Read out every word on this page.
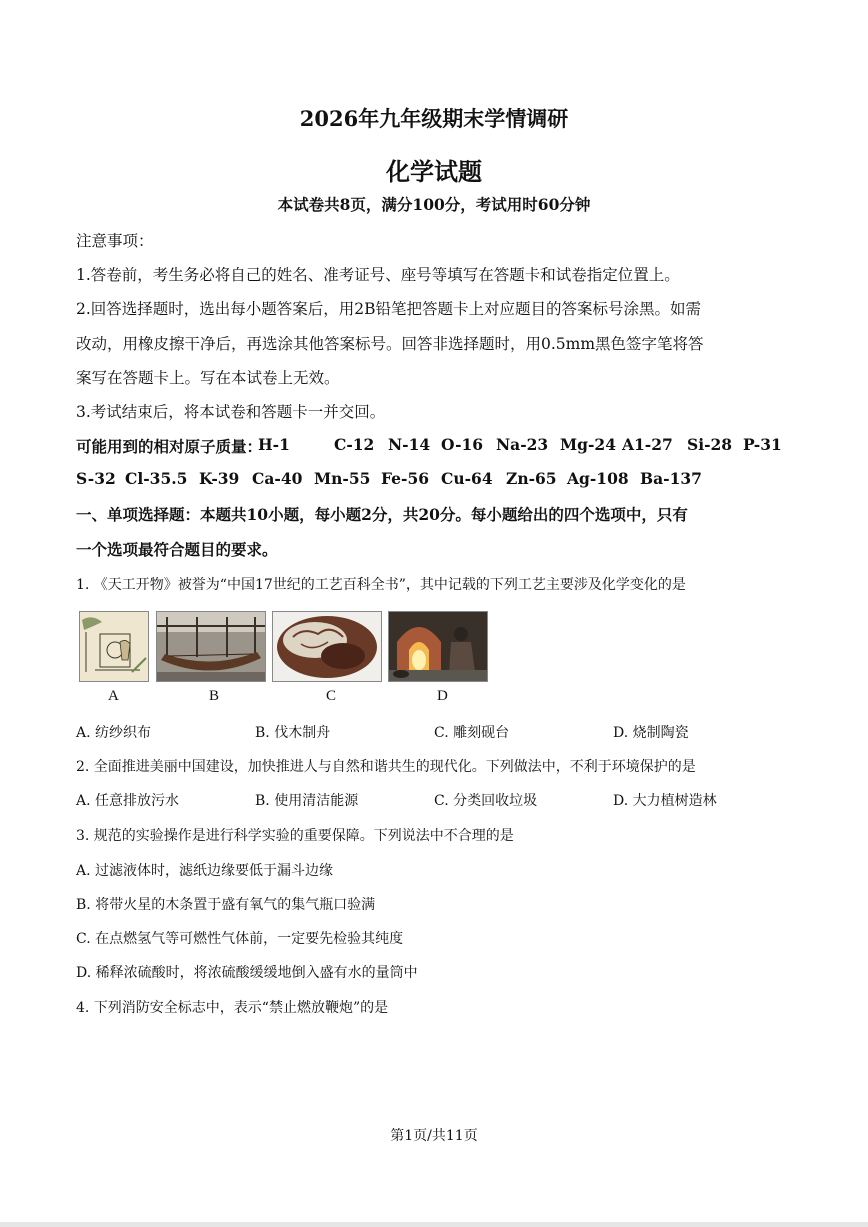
2026年九年级期末学情调研
化学试题
本试卷共8页，满分100分，考试用时60分钟
注意事项：
1.答卷前，考生务必将自己的姓名、准考证号、座号等填写在答题卡和试卷指定位置上。
2.回答选择题时，选出每小题答案后，用2B铅笔把答题卡上对应题目的答案标号涂黑。如需
改动，用橡皮擦干净后，再选涂其他答案标号。回答非选择题时，用0.5mm黑色签字笔将答
案写在答题卡上。写在本试卷上无效。
3.考试结束后，将本试卷和答题卡一并交回。
可能用到的相对原子质量：
H-1	C-12 N-14 O-16 Na-23 Mg-24 A1-27 Si-28 P-31
S-32 Cl-35.5 K-39 Ca-40 Mn-55 Fe-56 Cu-64 Zn-65 Ag-108 Ba-137
一、单项选择题：本题共10小题，每小题2分，共20分。每小题给出的四个选项中，只有
一个选项最符合题目的要求。
1. 《天工开物》被誉为“中国17世纪的工艺百科全书”，其中记载的下列工艺主要涉及化学变化的是
A	B	C	D
A. 纺纱织布	B. 伐木制舟	C. 雕刻砚台	D. 烧制陶瓷
2. 全面推进美丽中国建设，加快推进人与自然和谐共生的现代化。下列做法中，不利于环境保护的是
A. 任意排放污水	B. 使用清洁能源	C. 分类回收垃圾	D. 大力植树造林
3. 规范的实验操作是进行科学实验的重要保障。下列说法中不合理的是
A. 过滤液体时，滤纸边缘要低于漏斗边缘
B. 将带火星的木条置于盛有氧气的集气瓶口验满
C. 在点燃氢气等可燃性气体前，一定要先检验其纯度
D. 稀释浓硫酸时，将浓硫酸缓缓地倒入盛有水的量筒中
4. 下列消防安全标志中，表示“禁止燃放鞭炮”的是
第1页/共11页
